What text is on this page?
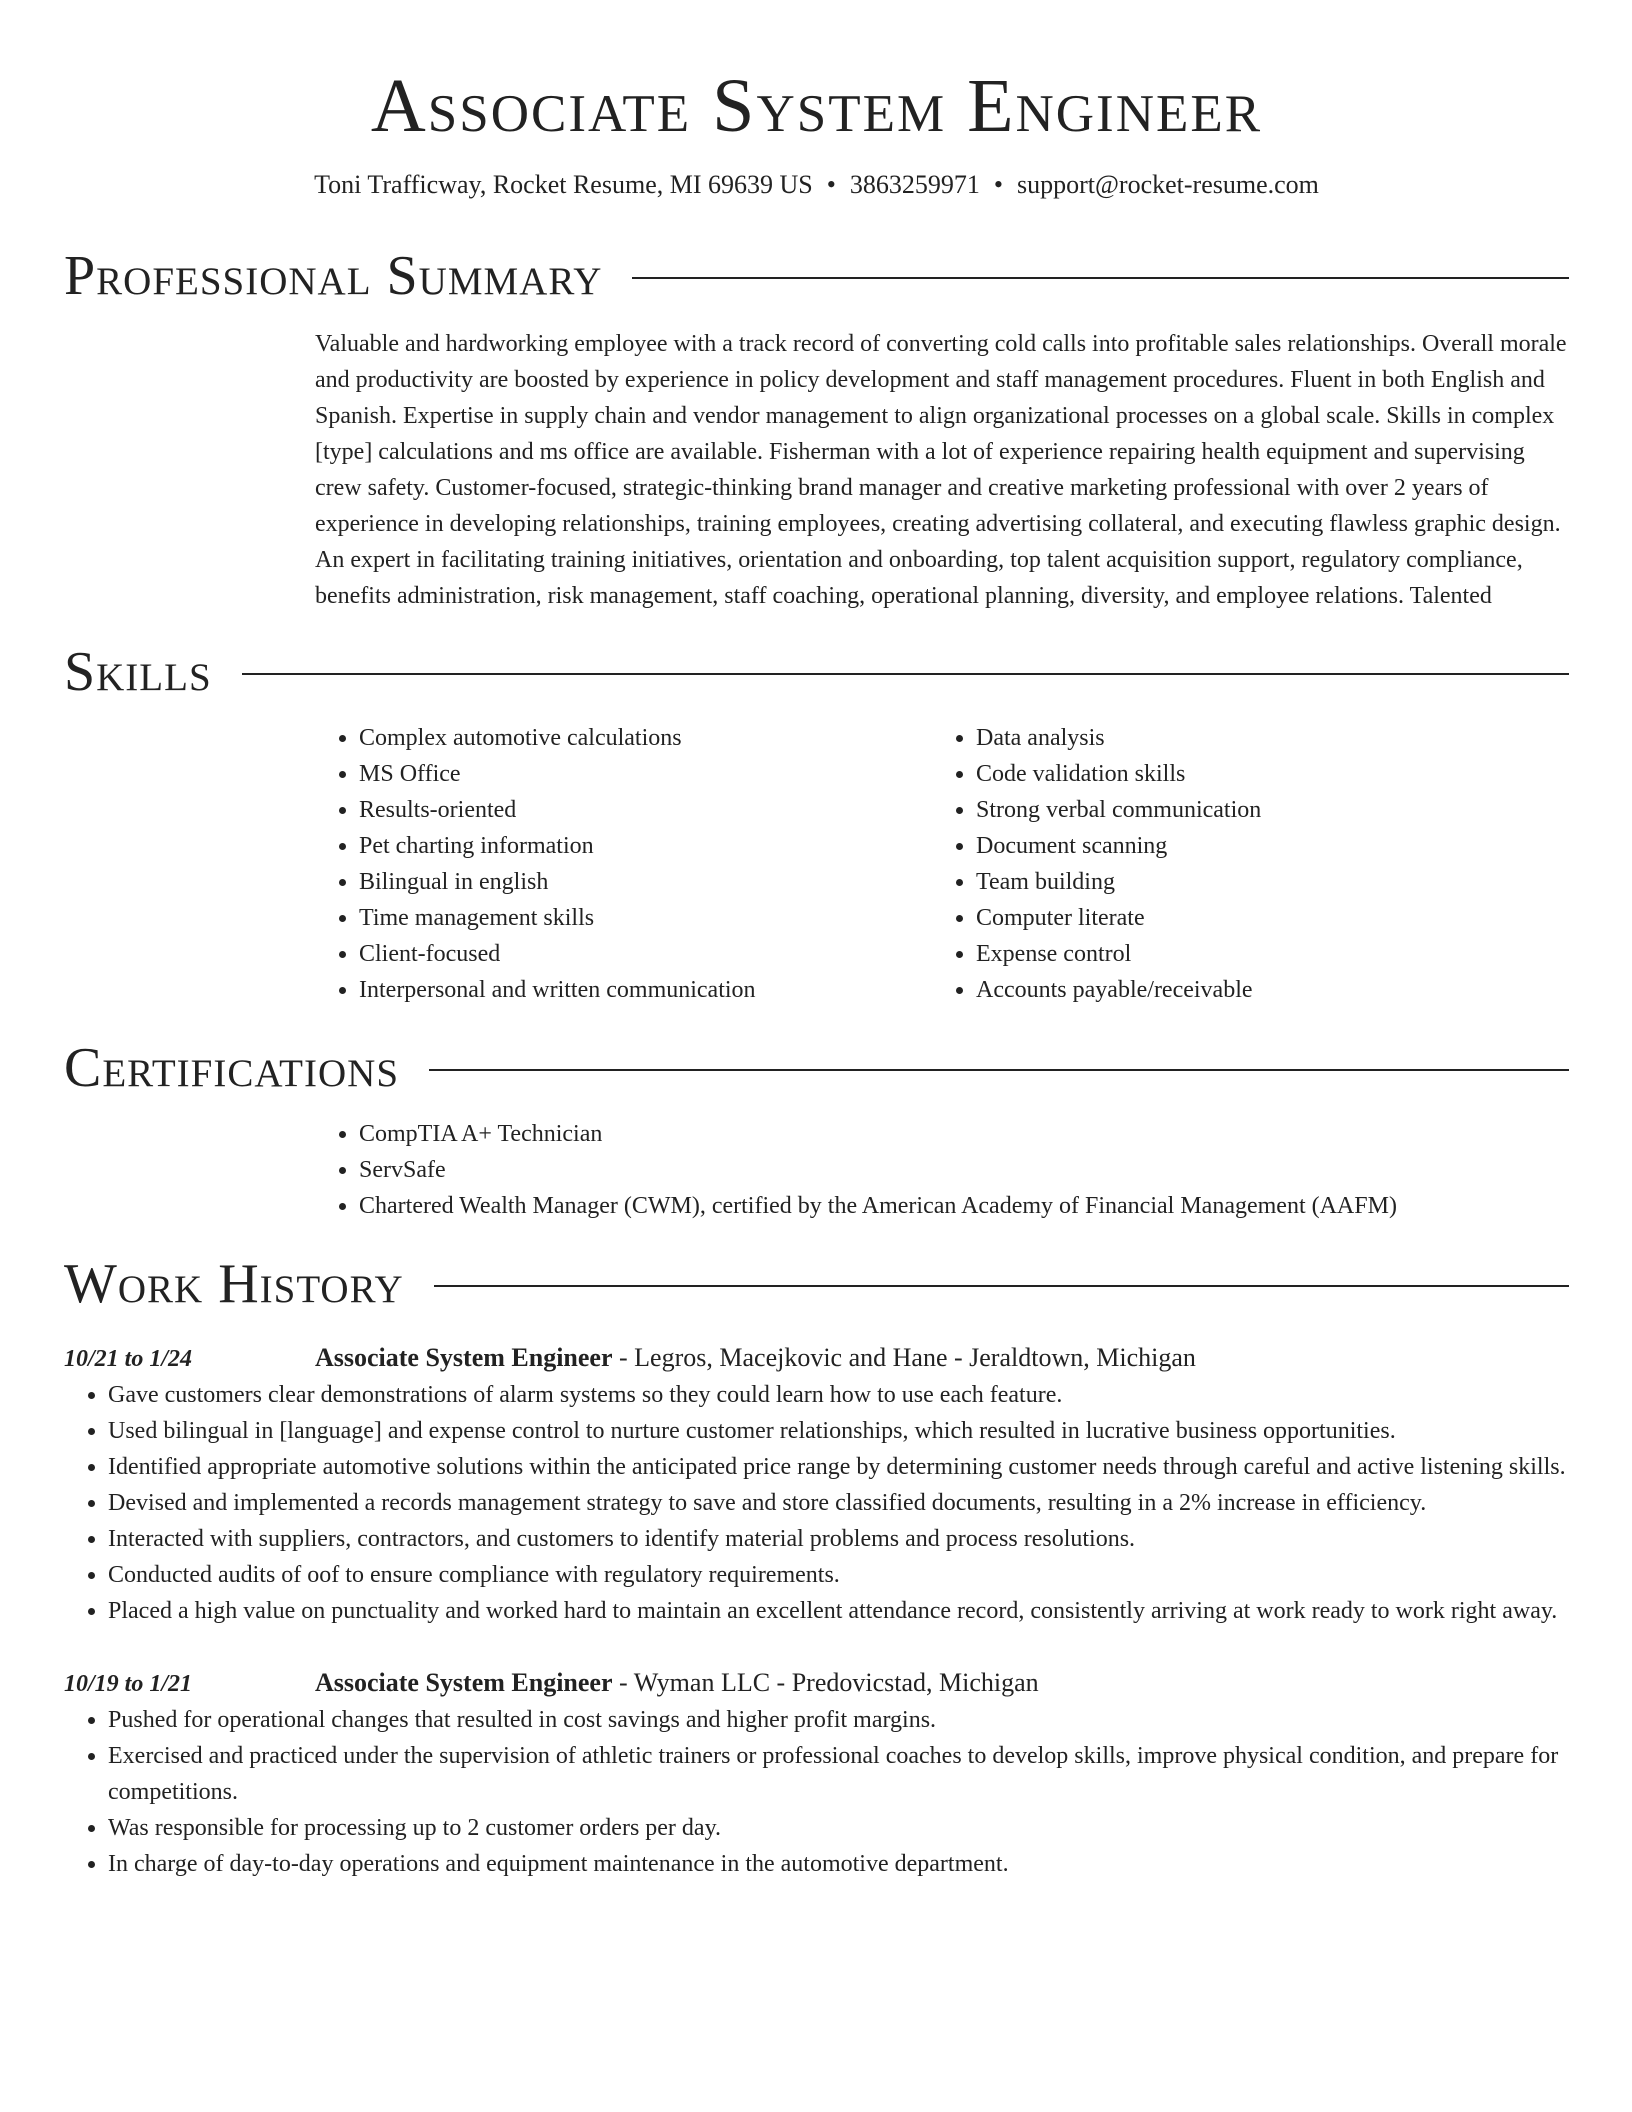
Associate System Engineer
Toni Trafficway, Rocket Resume, MI 69639 US • 3863259971 • support@rocket-resume.com
Professional Summary

Valuable and hardworking employee with a track record of converting cold calls into profitable sales relationships. Overall morale and productivity are boosted by experience in policy development and staff management procedures. Fluent in both English and Spanish. Expertise in supply chain and vendor management to align organizational processes on a global scale. Skills in complex [type] calculations and ms office are available. Fisherman with a lot of experience repairing health equipment and supervising crew safety. Customer-focused, strategic-thinking brand manager and creative marketing professional with over 2 years of experience in developing relationships, training employees, creating advertising collateral, and executing flawless graphic design. An expert in facilitating training initiatives, orientation and onboarding, top talent acquisition support, regulatory compliance, benefits administration, risk management, staff coaching, operational planning, diversity, and employee relations. Talented

Skills
• Complex automotive calculations
• MS Office
• Results-oriented
• Pet charting information
• Bilingual in english
• Time management skills
• Client-focused
• Interpersonal and written communication
• Data analysis
• Code validation skills
• Strong verbal communication
• Document scanning
• Team building
• Computer literate
• Expense control
• Accounts payable/receivable
Certifications
• CompTIA A+ Technician
• ServSafe
• Chartered Wealth Manager (CWM), certified by the American Academy of Financial Management (AAFM)
Work History
10/21 to 1/24	Associate System Engineer - Legros, Macejkovic and Hane - Jeraldtown, Michigan
• Gave customers clear demonstrations of alarm systems so they could learn how to use each feature.
• Used bilingual in [language] and expense control to nurture customer relationships, which resulted in lucrative business opportunities.
• Identified appropriate automotive solutions within the anticipated price range by determining customer needs through careful and active listening skills.
• Devised and implemented a records management strategy to save and store classified documents, resulting in a 2% increase in efficiency.
• Interacted with suppliers, contractors, and customers to identify material problems and process resolutions.
• Conducted audits of oof to ensure compliance with regulatory requirements.
• Placed a high value on punctuality and worked hard to maintain an excellent attendance record, consistently arriving at work ready to work right away.
10/19 to 1/21	Associate System Engineer - Wyman LLC - Predovicstad, Michigan
• Pushed for operational changes that resulted in cost savings and higher profit margins.
• Exercised and practiced under the supervision of athletic trainers or professional coaches to develop skills, improve physical condition, and prepare for competitions.
• Was responsible for processing up to 2 customer orders per day.
• In charge of day-to-day operations and equipment maintenance in the automotive department.
